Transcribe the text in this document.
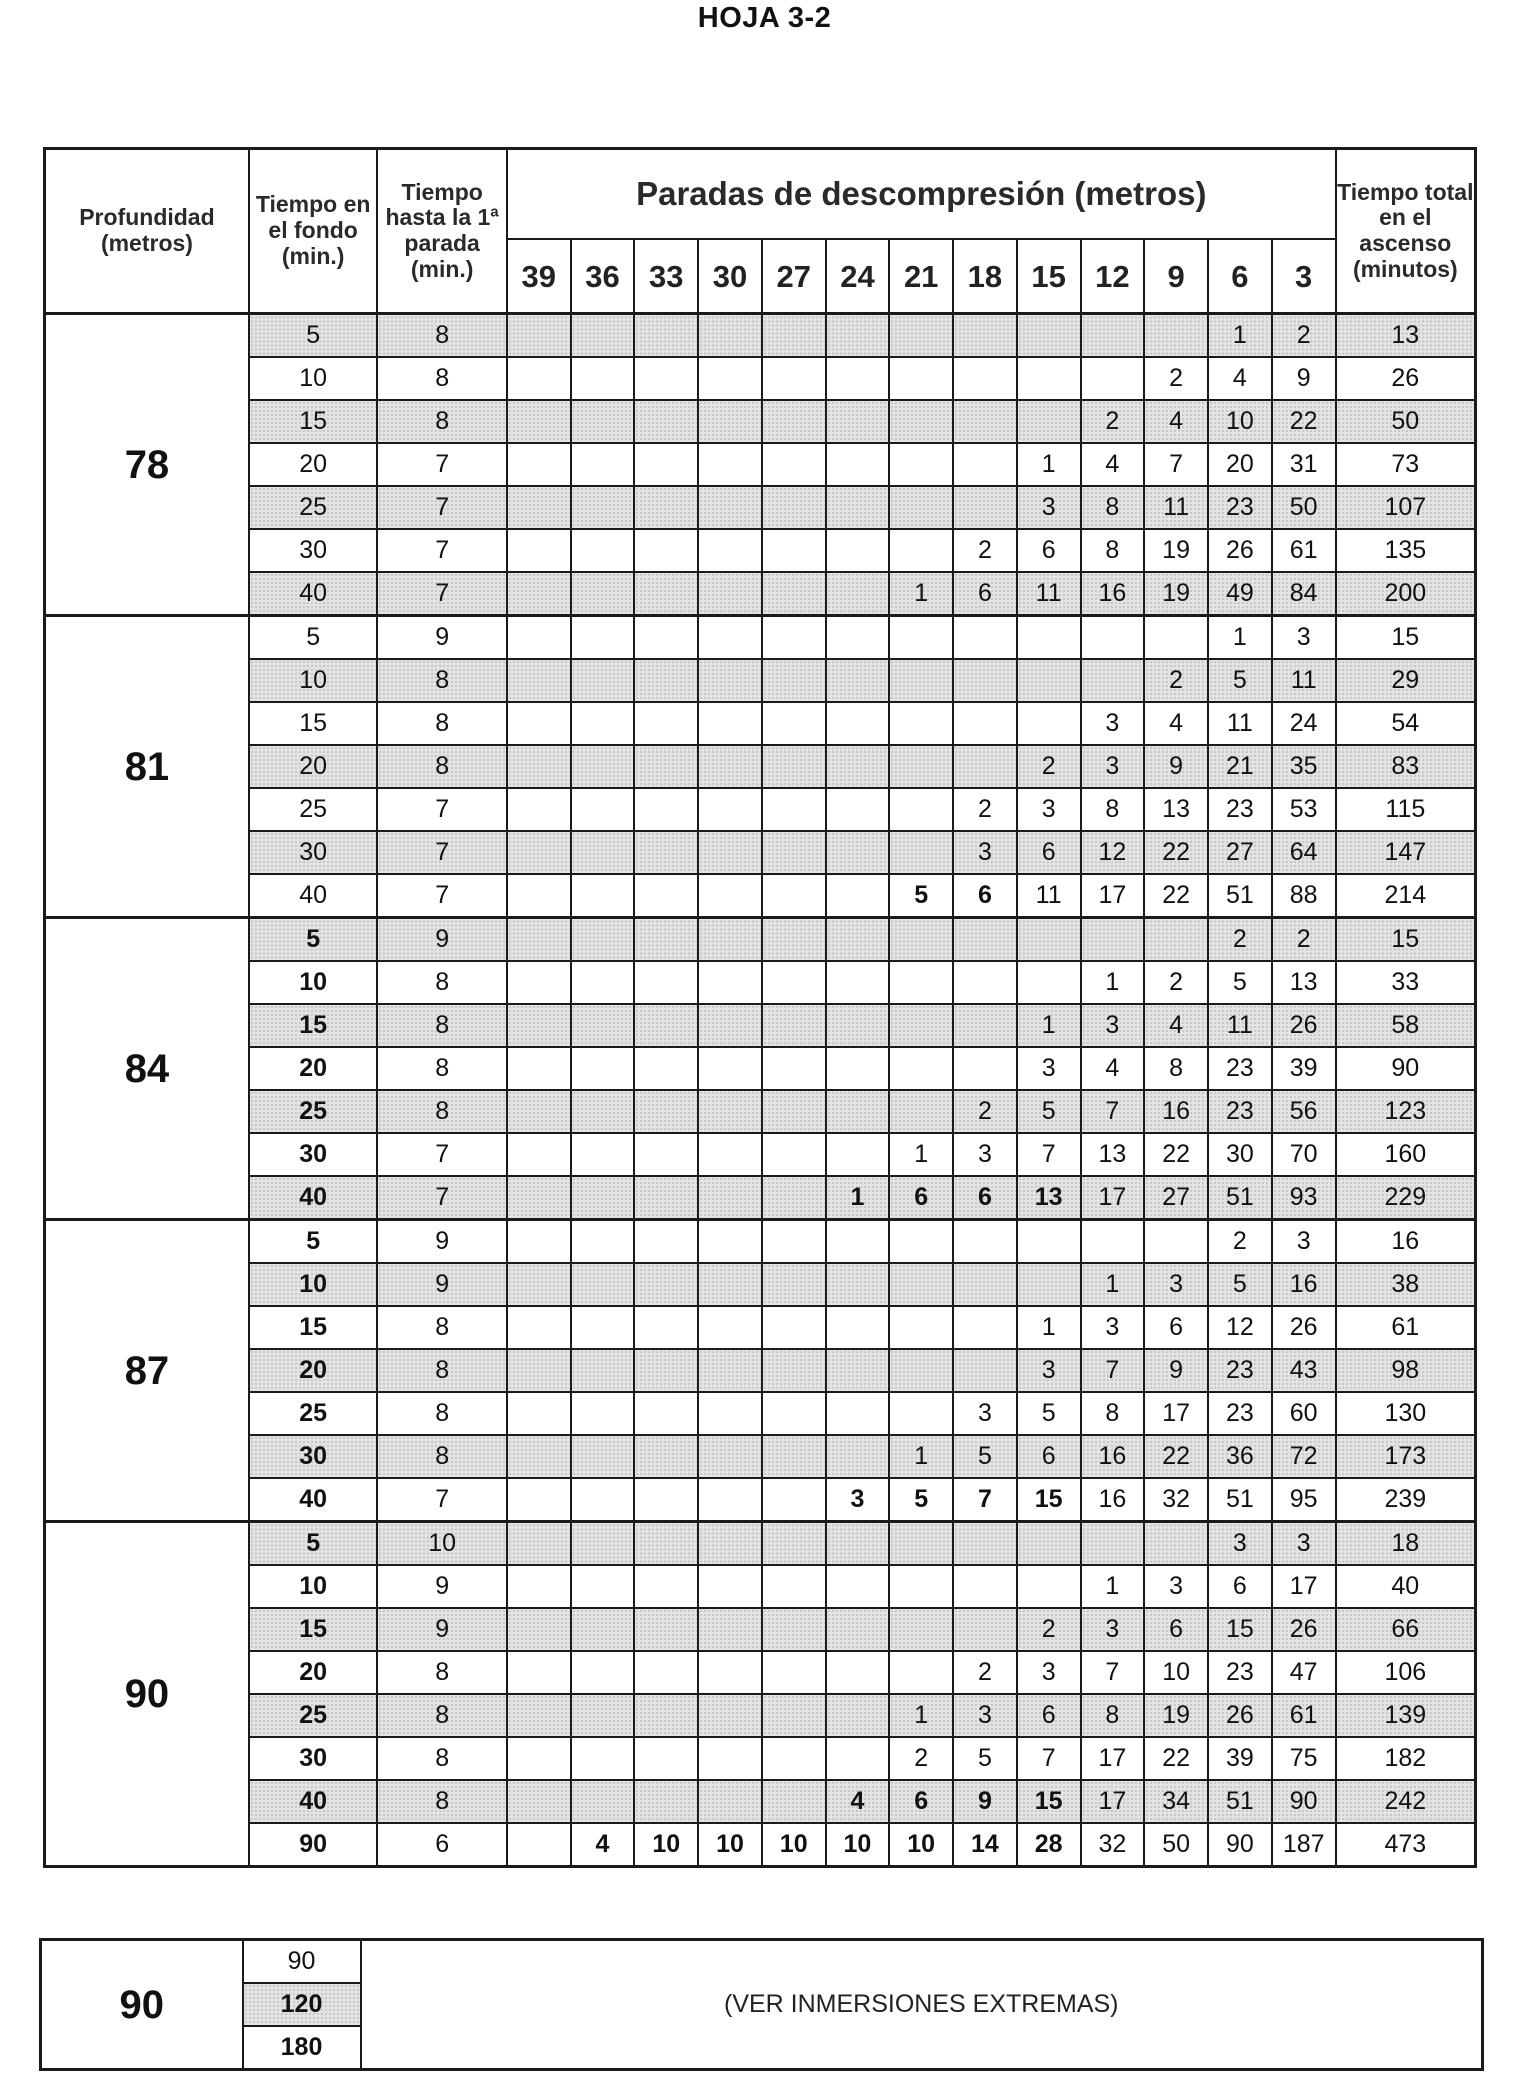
HOJA 3-2
Profundidad (metros)	Tiempo en el fondo (min.)	Tiempo hasta la 1ª parada (min.)	Paradas de descompresión (metros)													Tiempo total en el ascenso (minutos)
			39	36	33	30	27	24	21	18	15	12	9	6	3	
78	5	8												1	2	13
	10	8											2	4	9	26
	15	8										2	4	10	22	50
	20	7									1	4	7	20	31	73
	25	7									3	8	11	23	50	107
	30	7								2	6	8	19	26	61	135
	40	7							1	6	11	16	19	49	84	200
81	5	9												1	3	15
	10	8											2	5	11	29
	15	8										3	4	11	24	54
	20	8									2	3	9	21	35	83
	25	7								2	3	8	13	23	53	115
	30	7								3	6	12	22	27	64	147
	40	7							5	6	11	17	22	51	88	214
84	5	9												2	2	15
	10	8										1	2	5	13	33
	15	8									1	3	4	11	26	58
	20	8									3	4	8	23	39	90
	25	8								2	5	7	16	23	56	123
	30	7							1	3	7	13	22	30	70	160
	40	7						1	6	6	13	17	27	51	93	229
87	5	9												2	3	16
	10	9										1	3	5	16	38
	15	8									1	3	6	12	26	61
	20	8									3	7	9	23	43	98
	25	8								3	5	8	17	23	60	130
	30	8							1	5	6	16	22	36	72	173
	40	7						3	5	7	15	16	32	51	95	239
90	5	10												3	3	18
	10	9										1	3	6	17	40
	15	9									2	3	6	15	26	66
	20	8								2	3	7	10	23	47	106
	25	8							1	3	6	8	19	26	61	139
	30	8							2	5	7	17	22	39	75	182
	40	8						4	6	9	15	17	34	51	90	242
	90	6		4	10	10	10	10	10	14	28	32	50	90	187	473
90	90	(VER INMERSIONES EXTREMAS)
120
180
